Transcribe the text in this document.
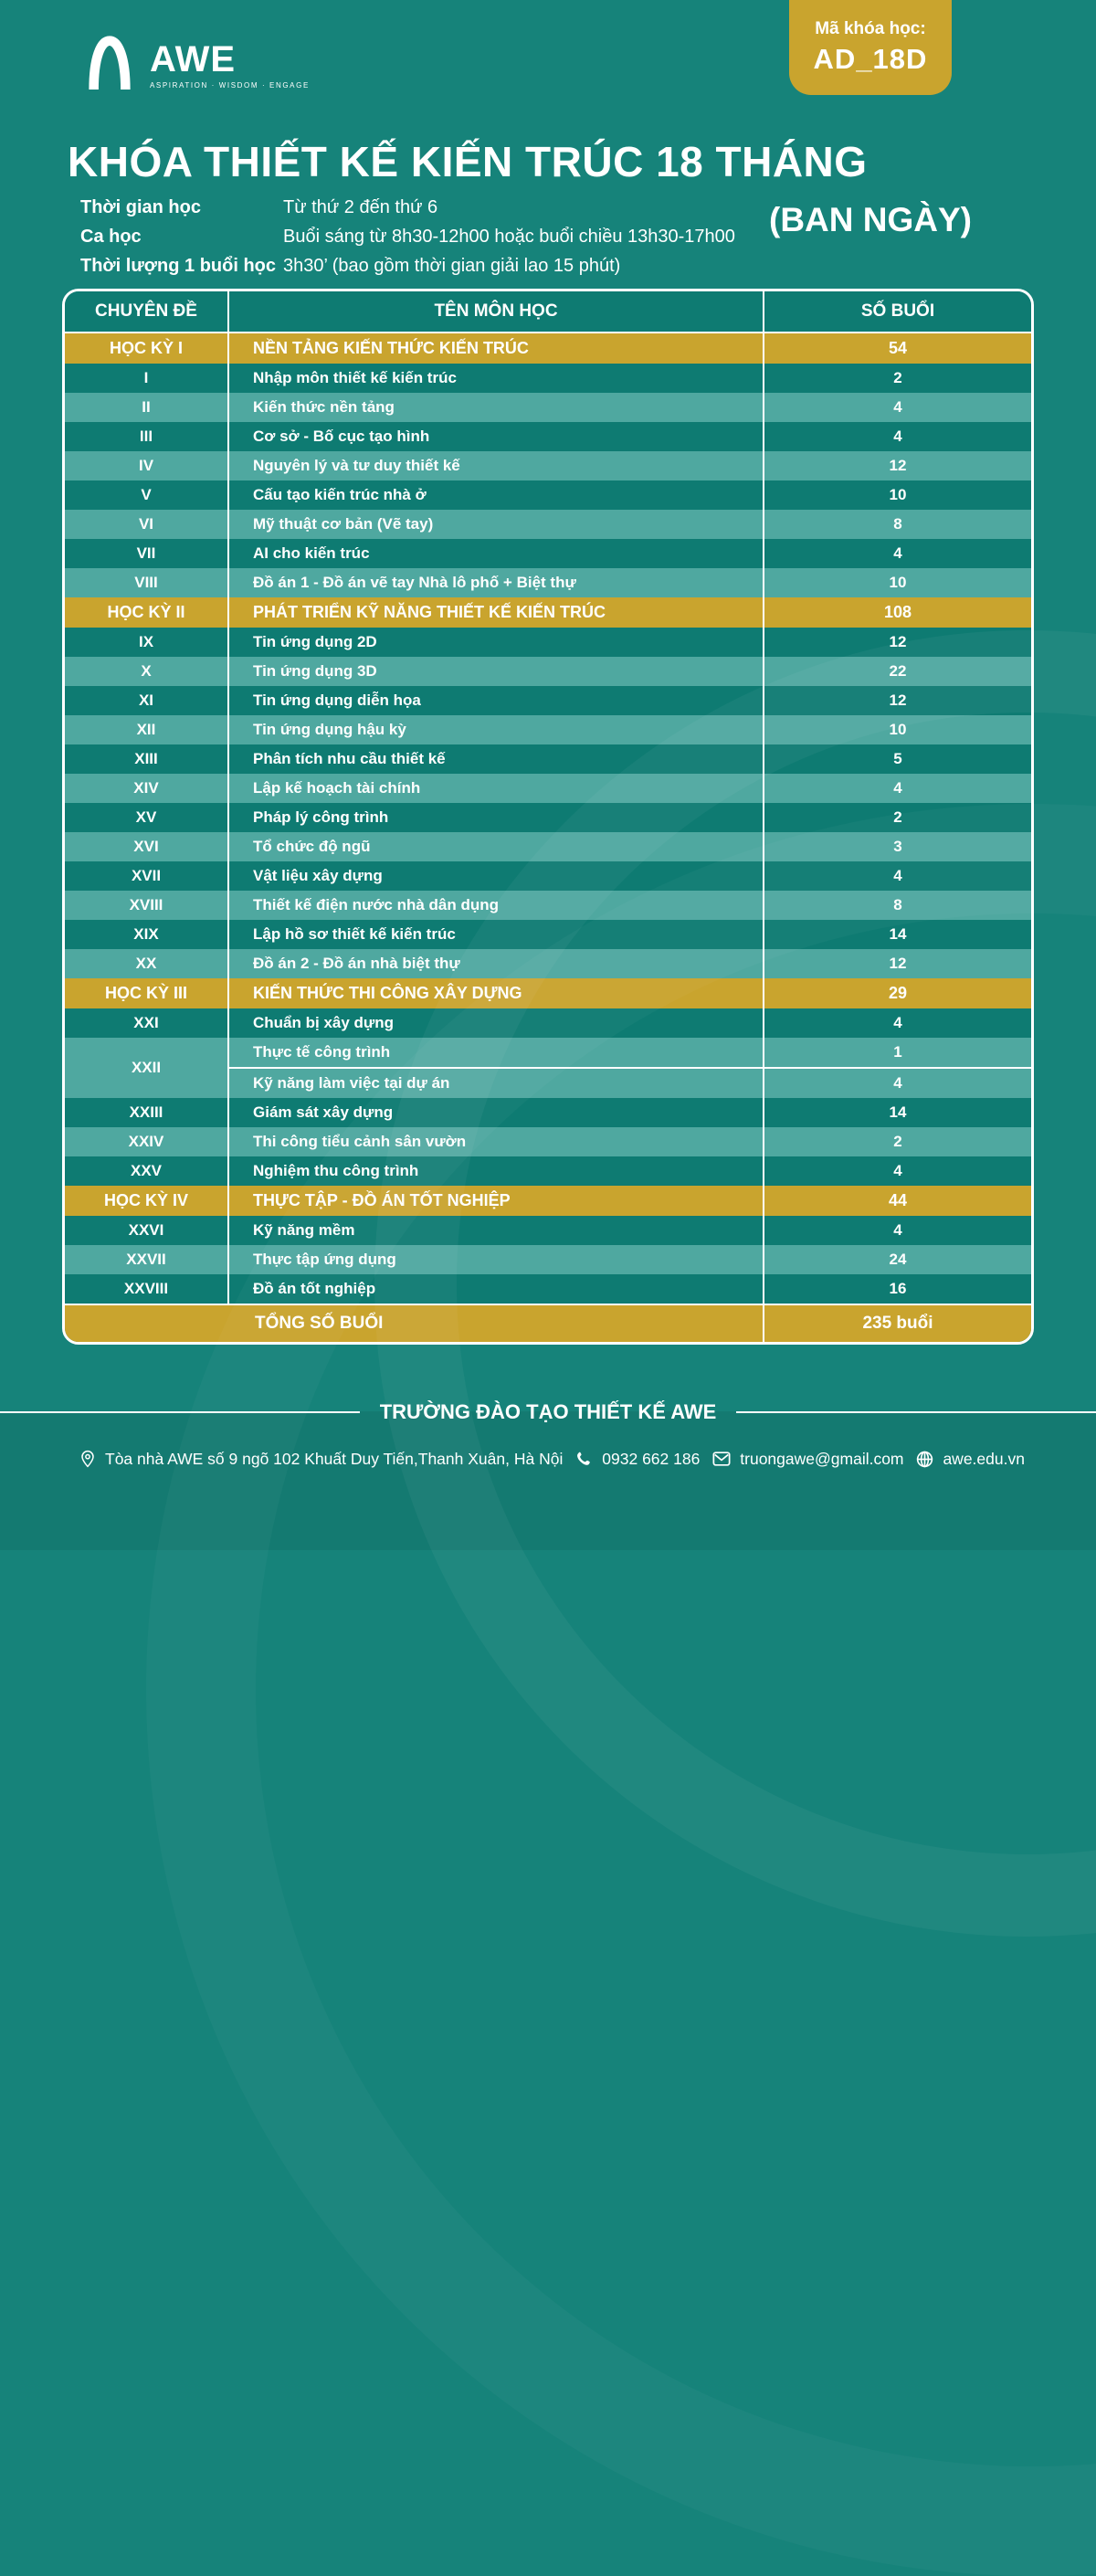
AWE
ASPIRATION · WISDOM · ENGAGE
Mã khóa học:
AD_18D
KHÓA THIẾT KẾ KIẾN TRÚC 18 THÁNG
(BAN NGÀY)
Thời gian học	Từ thứ 2 đến thứ 6
Ca học	Buổi sáng từ 8h30-12h00 hoặc buổi chiều 13h30-17h00
Thời lượng 1 buổi học 3h30’ (bao gồm thời gian giải lao 15 phút)
CHUYÊN ĐỀ	TÊN MÔN HỌC	SỐ BUỔI
HỌC KỲ I	NỀN TẢNG KIẾN THỨC KIẾN TRÚC	54
I	Nhập môn thiết kế kiến trúc	2
II	Kiến thức nền tảng	4
III	Cơ sở - Bố cục tạo hình	4
IV	Nguyên lý và tư duy thiết kế	12
V	Cấu tạo kiến trúc nhà ở	10
VI	Mỹ thuật cơ bản (Vẽ tay)	8
VII	AI cho kiến trúc	4
VIII	Đồ án 1 - Đồ án vẽ tay Nhà lô phố + Biệt thự	10
HỌC KỲ II	PHÁT TRIỂN KỸ NĂNG THIẾT KẾ KIẾN TRÚC	108
IX	Tin ứng dụng 2D	12
X	Tin ứng dụng 3D	22
XI	Tin ứng dụng diễn họa	12
XII	Tin ứng dụng hậu kỳ	10
XIII	Phân tích nhu cầu thiết kế	5
XIV	Lập kế hoạch tài chính	4
XV	Pháp lý công trình	2
XVI	Tổ chức độ ngũ	3
XVII	Vật liệu xây dựng	4
XVIII	Thiết kế điện nước nhà dân dụng	8
XIX	Lập hồ sơ thiết kế kiến trúc	14
XX	Đồ án 2 - Đồ án nhà biệt thự	12
HỌC KỲ III	KIẾN THỨC THI CÔNG XÂY DỰNG	29
XXI	Chuẩn bị xây dựng	4
XXII
Thực tế công trình	1
Kỹ năng làm việc tại dự án	4
XXIII	Giám sát xây dựng	14
XXIV	Thi công tiểu cảnh sân vườn	2
XXV	Nghiệm thu công trình	4
HỌC KỲ IV	THỰC TẬP - ĐỒ ÁN TỐT NGHIỆP	44
XXVI	Kỹ năng mềm	4
XXVII	Thực tập ứng dụng	24
XXVIII	Đồ án tốt nghiệp	16
TỔNG SỐ BUỔI	235 buổi
TRƯỜNG ĐÀO TẠO THIẾT KẾ AWE
Tòa nhà AWE số 9 ngõ 102 Khuất Duy Tiến,Thanh Xuân, Hà Nội 0932 662 186	truongawe@gmail.com awe.edu.vn
